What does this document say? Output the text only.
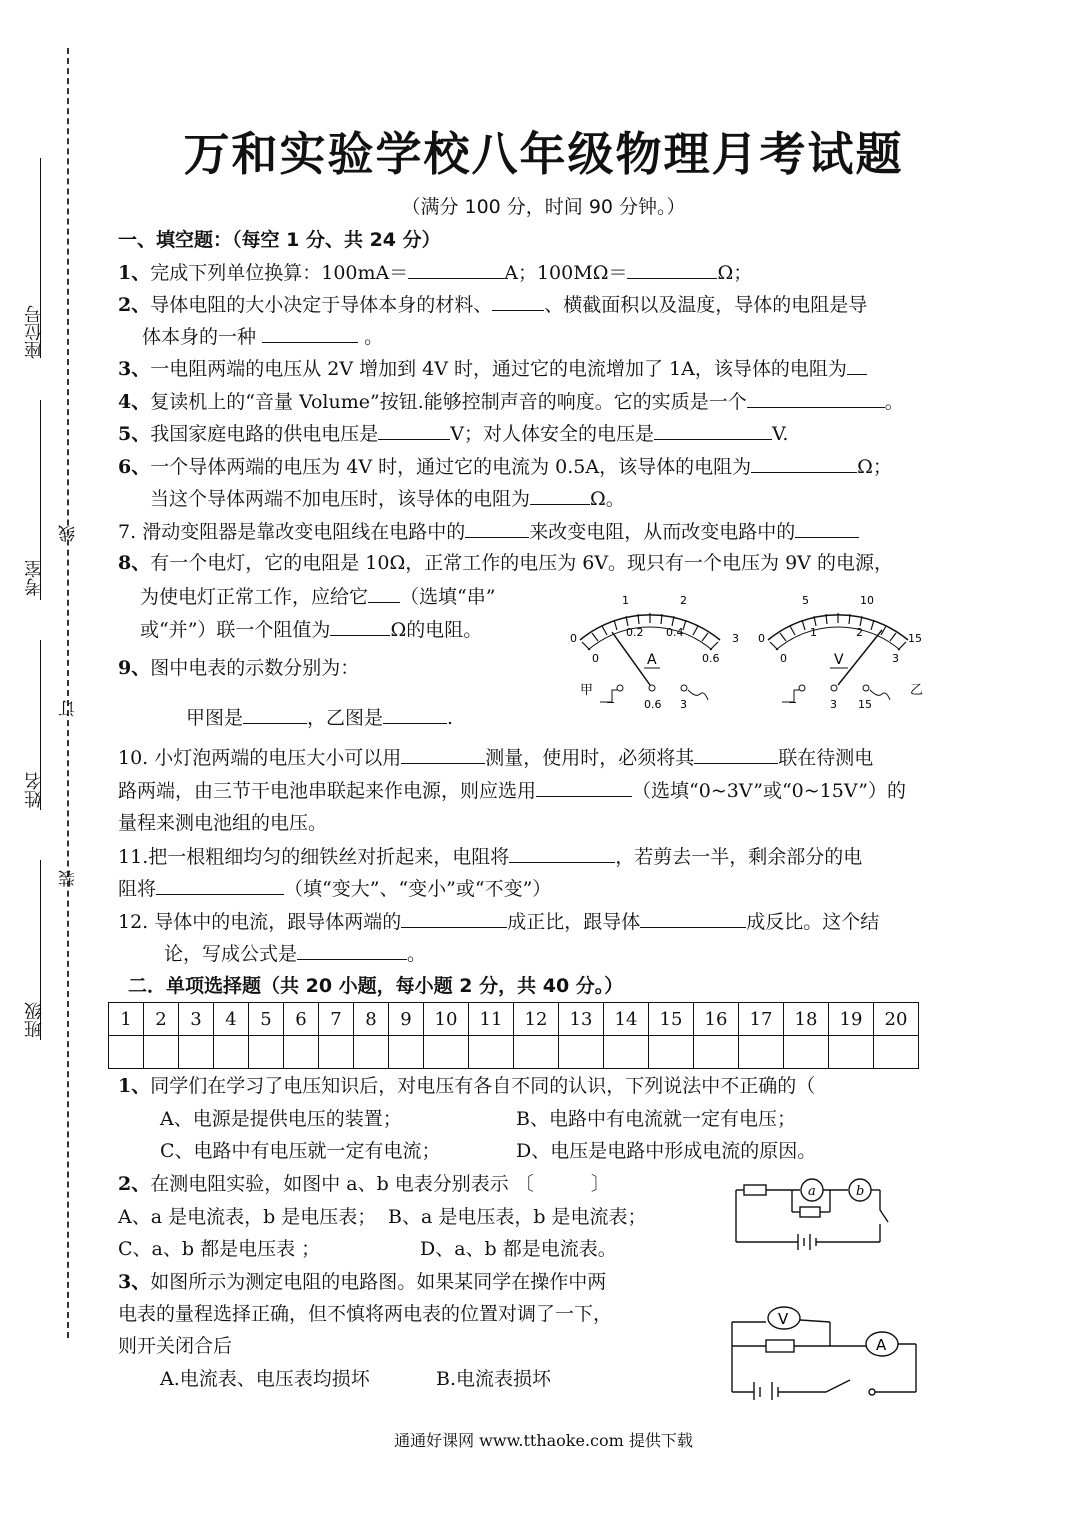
座位号
考室
姓名
班级
线
订
装
万和实验学校八年级物理月考试题
（满分 100 分，时间 90 分钟。）
一、填空题：（每空 1 分、共 24 分）
1、完成下列单位换算：100mA＝	A；100MΩ＝	Ω；
2、导体电阻的大小决定于导体本身的材料、	、横截面积以及温度，导体的电阻是导
体本身的一种	。
3、一电阻两端的电压从 2V 增加到 4V 时，通过它的电流增加了 1A，该导体的电阻为
4、复读机上的“音量 Volume”按钮.能够控制声音的响度。它的实质是一个	。
5、我国家庭电路的供电电压是	V；对人体安全的电压是	V.
6、一个导体两端的电压为 4V 时，通过它的电流为 0.5A，该导体的电阻为	Ω；
当这个导体两端不加电压时，该导体的电阻为	Ω。
7. 滑动变阻器是靠改变电阻线在电路中的	来改变电阻，从而改变电路中的
8、有一个电灯，它的电阻是 10Ω，正常工作的电压为 6V。现只有一个电压为 9V 的电源，
为使电灯正常工作，应给它 （选填“串”
或“并”）联一个阻值为	Ω的电阻。
9、图中电表的示数分别为：
甲图是	，乙图是	.
10. 小灯泡两端的电压大小可以用	测量，使用时，必须将其	联在待测电
路两端，由三节干电池串联起来作电源，则应选用	（选填“0~3V”或“0~15V”）的
量程来测电池组的电压。
11.把一根粗细均匀的细铁丝对折起来，电阻将	，若剪去一半，剩余部分的电
阻将	（填“变大”、“变小”或“不变”）
12. 导体中的电流，跟导体两端的	成正比，跟导体	成反比。这个结
论，写成公式是	。
1	2
0	3
0
0.2 0.4
0.6
A
甲
−	0.6 3
5	10
0	15
0
1	2
3
V
乙
−	3 15
二．单项选择题（共 20 小题，每小题 2 分，共 40 分。）
1	2	3	4	5	6	7	8	9	10	11	12	13	14	15	16	17	18	19	20

1、同学们在学习了电压知识后，对电压有各自不同的认识，下列说法中不正确的（
A、电源是提供电压的装置；	B、电路中有电流就一定有电压；
C、电路中有电压就一定有电流；	D、电压是电路中形成电流的原因。
2、在测电阻实验，如图中 a、b 电表分别表示 〔　　　〕
A、a 是电流表，b 是电压表； B、a 是电压表，b 是电流表；
C、a、b 都是电压表 ；	D、a、b 都是电流表。
a	b
3、如图所示为测定电阻的电路图。如果某同学在操作中两
电表的量程选择正确，但不慎将两电表的位置对调了一下，
则开关闭合后
A.电流表、电压表均损坏	B.电流表损坏
V
A
通通好课网 www.tthaoke.com 提供下载
